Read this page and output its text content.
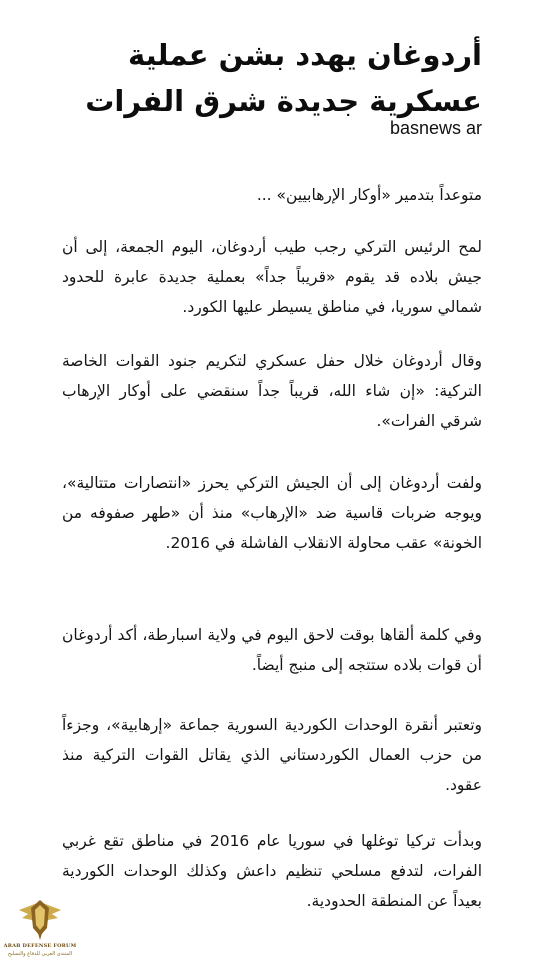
أردوغان يهدد بشن عملية عسكرية جديدة شرق الفرات
basnews ar

متوعداً بتدمير «أوكار الإرهابيين» ...

لمح الرئيس التركي رجب طيب أردوغان، اليوم الجمعة، إلى أن جيش بلاده قد يقوم «قريباً جداً» بعملية جديدة عابرة للحدود شمالي سوريا، في مناطق يسيطر عليها الكورد.

وقال أردوغان خلال حفل عسكري لتكريم جنود القوات الخاصة التركية: «إن شاء الله، قريباً جداً سنقضي على أوكار الإرهاب شرقي الفرات».

ولفت أردوغان إلى أن الجيش التركي يحرز «انتصارات متتالية»، ويوجه ضربات قاسية ضد «الإرهاب» منذ أن «طهر صفوفه من الخونة» عقب محاولة الانقلاب الفاشلة في 2016.

وفي كلمة ألقاها بوقت لاحق اليوم في ولاية اسبارطة، أكد أردوغان أن قوات بلاده ستتجه إلى منبج أيضاً.

وتعتبر أنقرة الوحدات الكوردية السورية جماعة «إرهابية»، وجزءاً من حزب العمال الكوردستاني الذي يقاتل القوات التركية منذ عقود.

وبدأت تركيا توغلها في سوريا عام 2016 في مناطق تقع غربي الفرات، لتدفع مسلحي تنظيم داعش وكذلك الوحدات الكوردية بعيداً عن المنطقة الحدودية.

ARAB DEFENSE FORUM
المنتدى العربي للدفاع والتسليح
